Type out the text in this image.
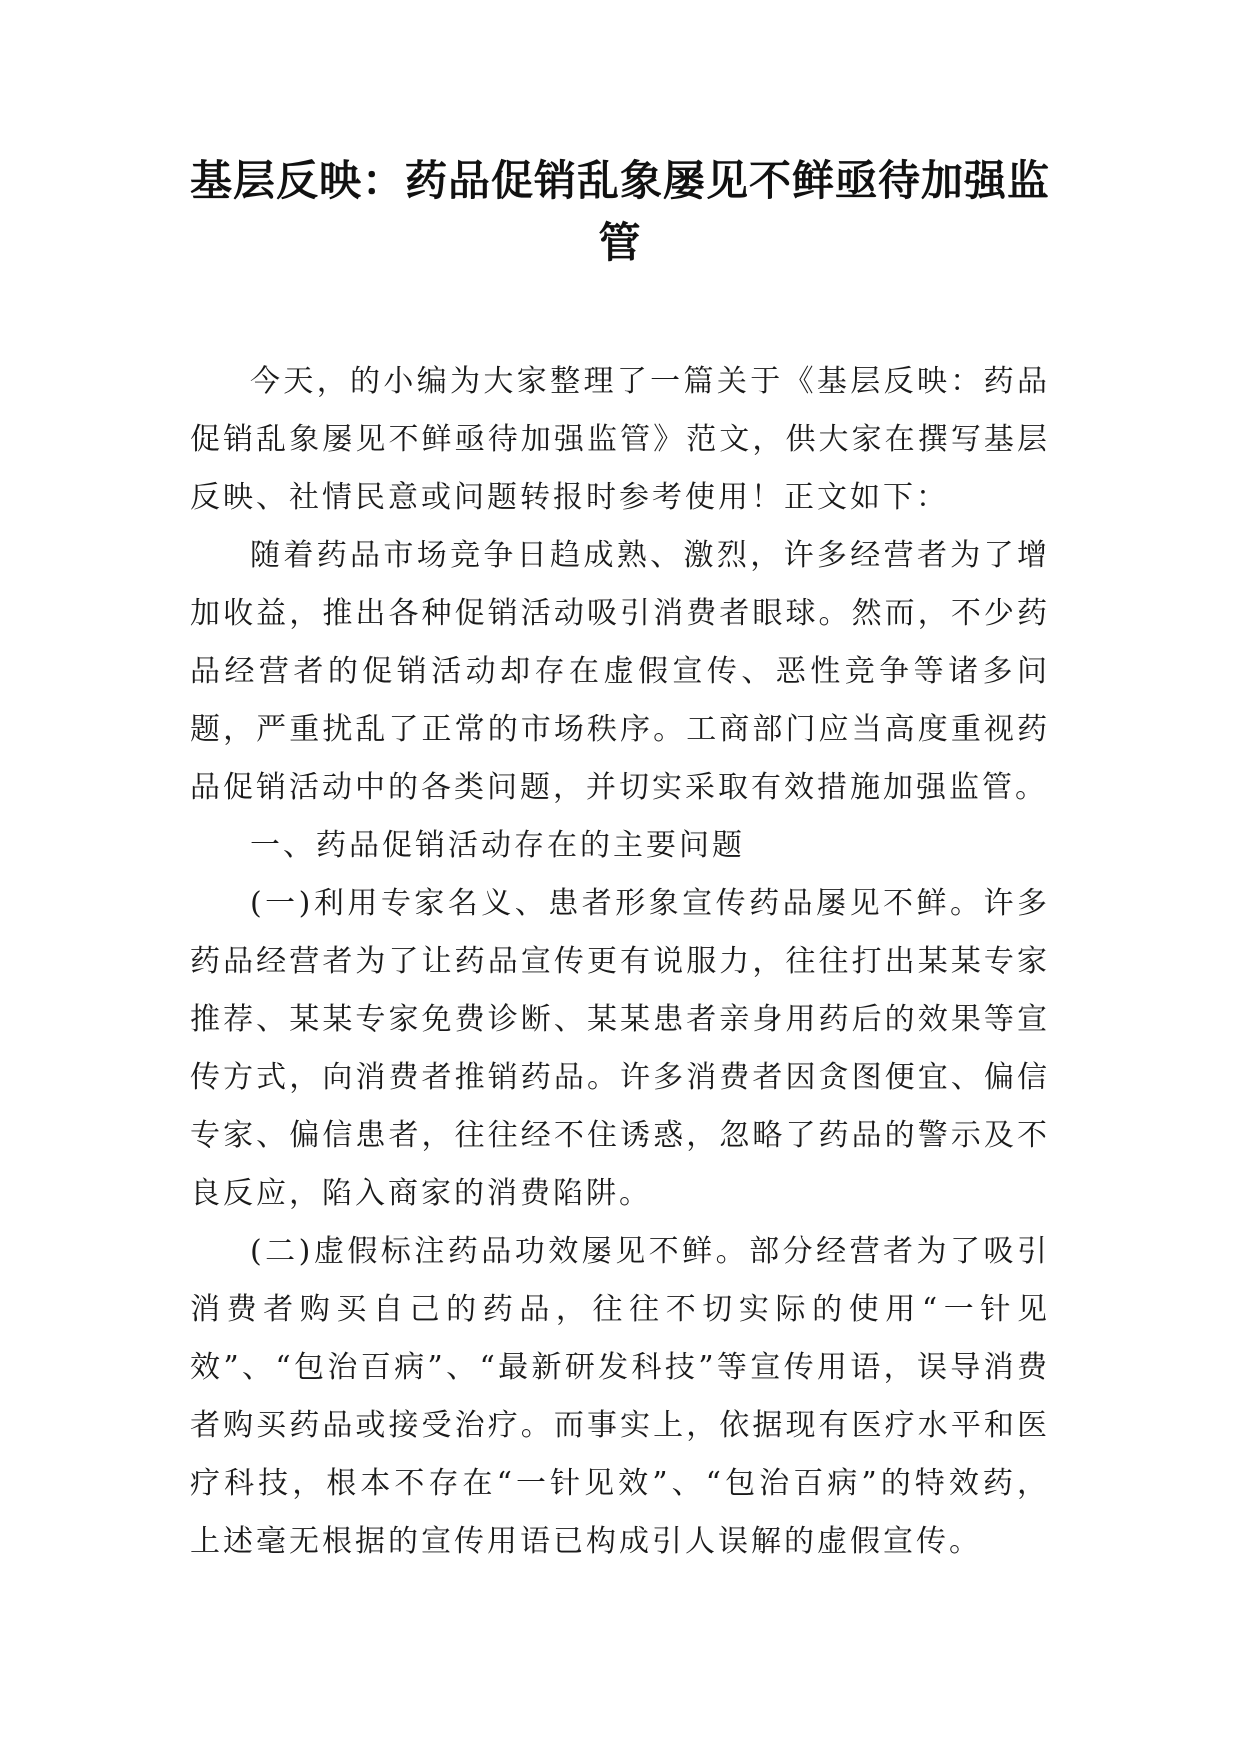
基层反映：药品促销乱象屡见不鲜亟待加强监管

今天，的小编为大家整理了一篇关于《基层反映：药品促销乱象屡见不鲜亟待加强监管》范文，供大家在撰写基层反映、社情民意或问题转报时参考使用！正文如下：

随着药品市场竞争日趋成熟、激烈，许多经营者为了增加收益，推出各种促销活动吸引消费者眼球。然而，不少药品经营者的促销活动却存在虚假宣传、恶性竞争等诸多问题，严重扰乱了正常的市场秩序。工商部门应当高度重视药品促销活动中的各类问题，并切实采取有效措施加强监管。

一、药品促销活动存在的主要问题

(一)利用专家名义、患者形象宣传药品屡见不鲜。许多药品经营者为了让药品宣传更有说服力，往往打出某某专家推荐、某某专家免费诊断、某某患者亲身用药后的效果等宣传方式，向消费者推销药品。许多消费者因贪图便宜、偏信专家、偏信患者，往往经不住诱惑，忽略了药品的警示及不良反应，陷入商家的消费陷阱。

(二)虚假标注药品功效屡见不鲜。部分经营者为了吸引消费者购买自己的药品，往往不切实际的使用“一针见效”、“包治百病”、“最新研发科技”等宣传用语，误导消费者购买药品或接受治疗。而事实上，依据现有医疗水平和医疗科技，根本不存在“一针见效”、“包治百病”的特效药，上述毫无根据的宣传用语已构成引人误解的虚假宣传。
